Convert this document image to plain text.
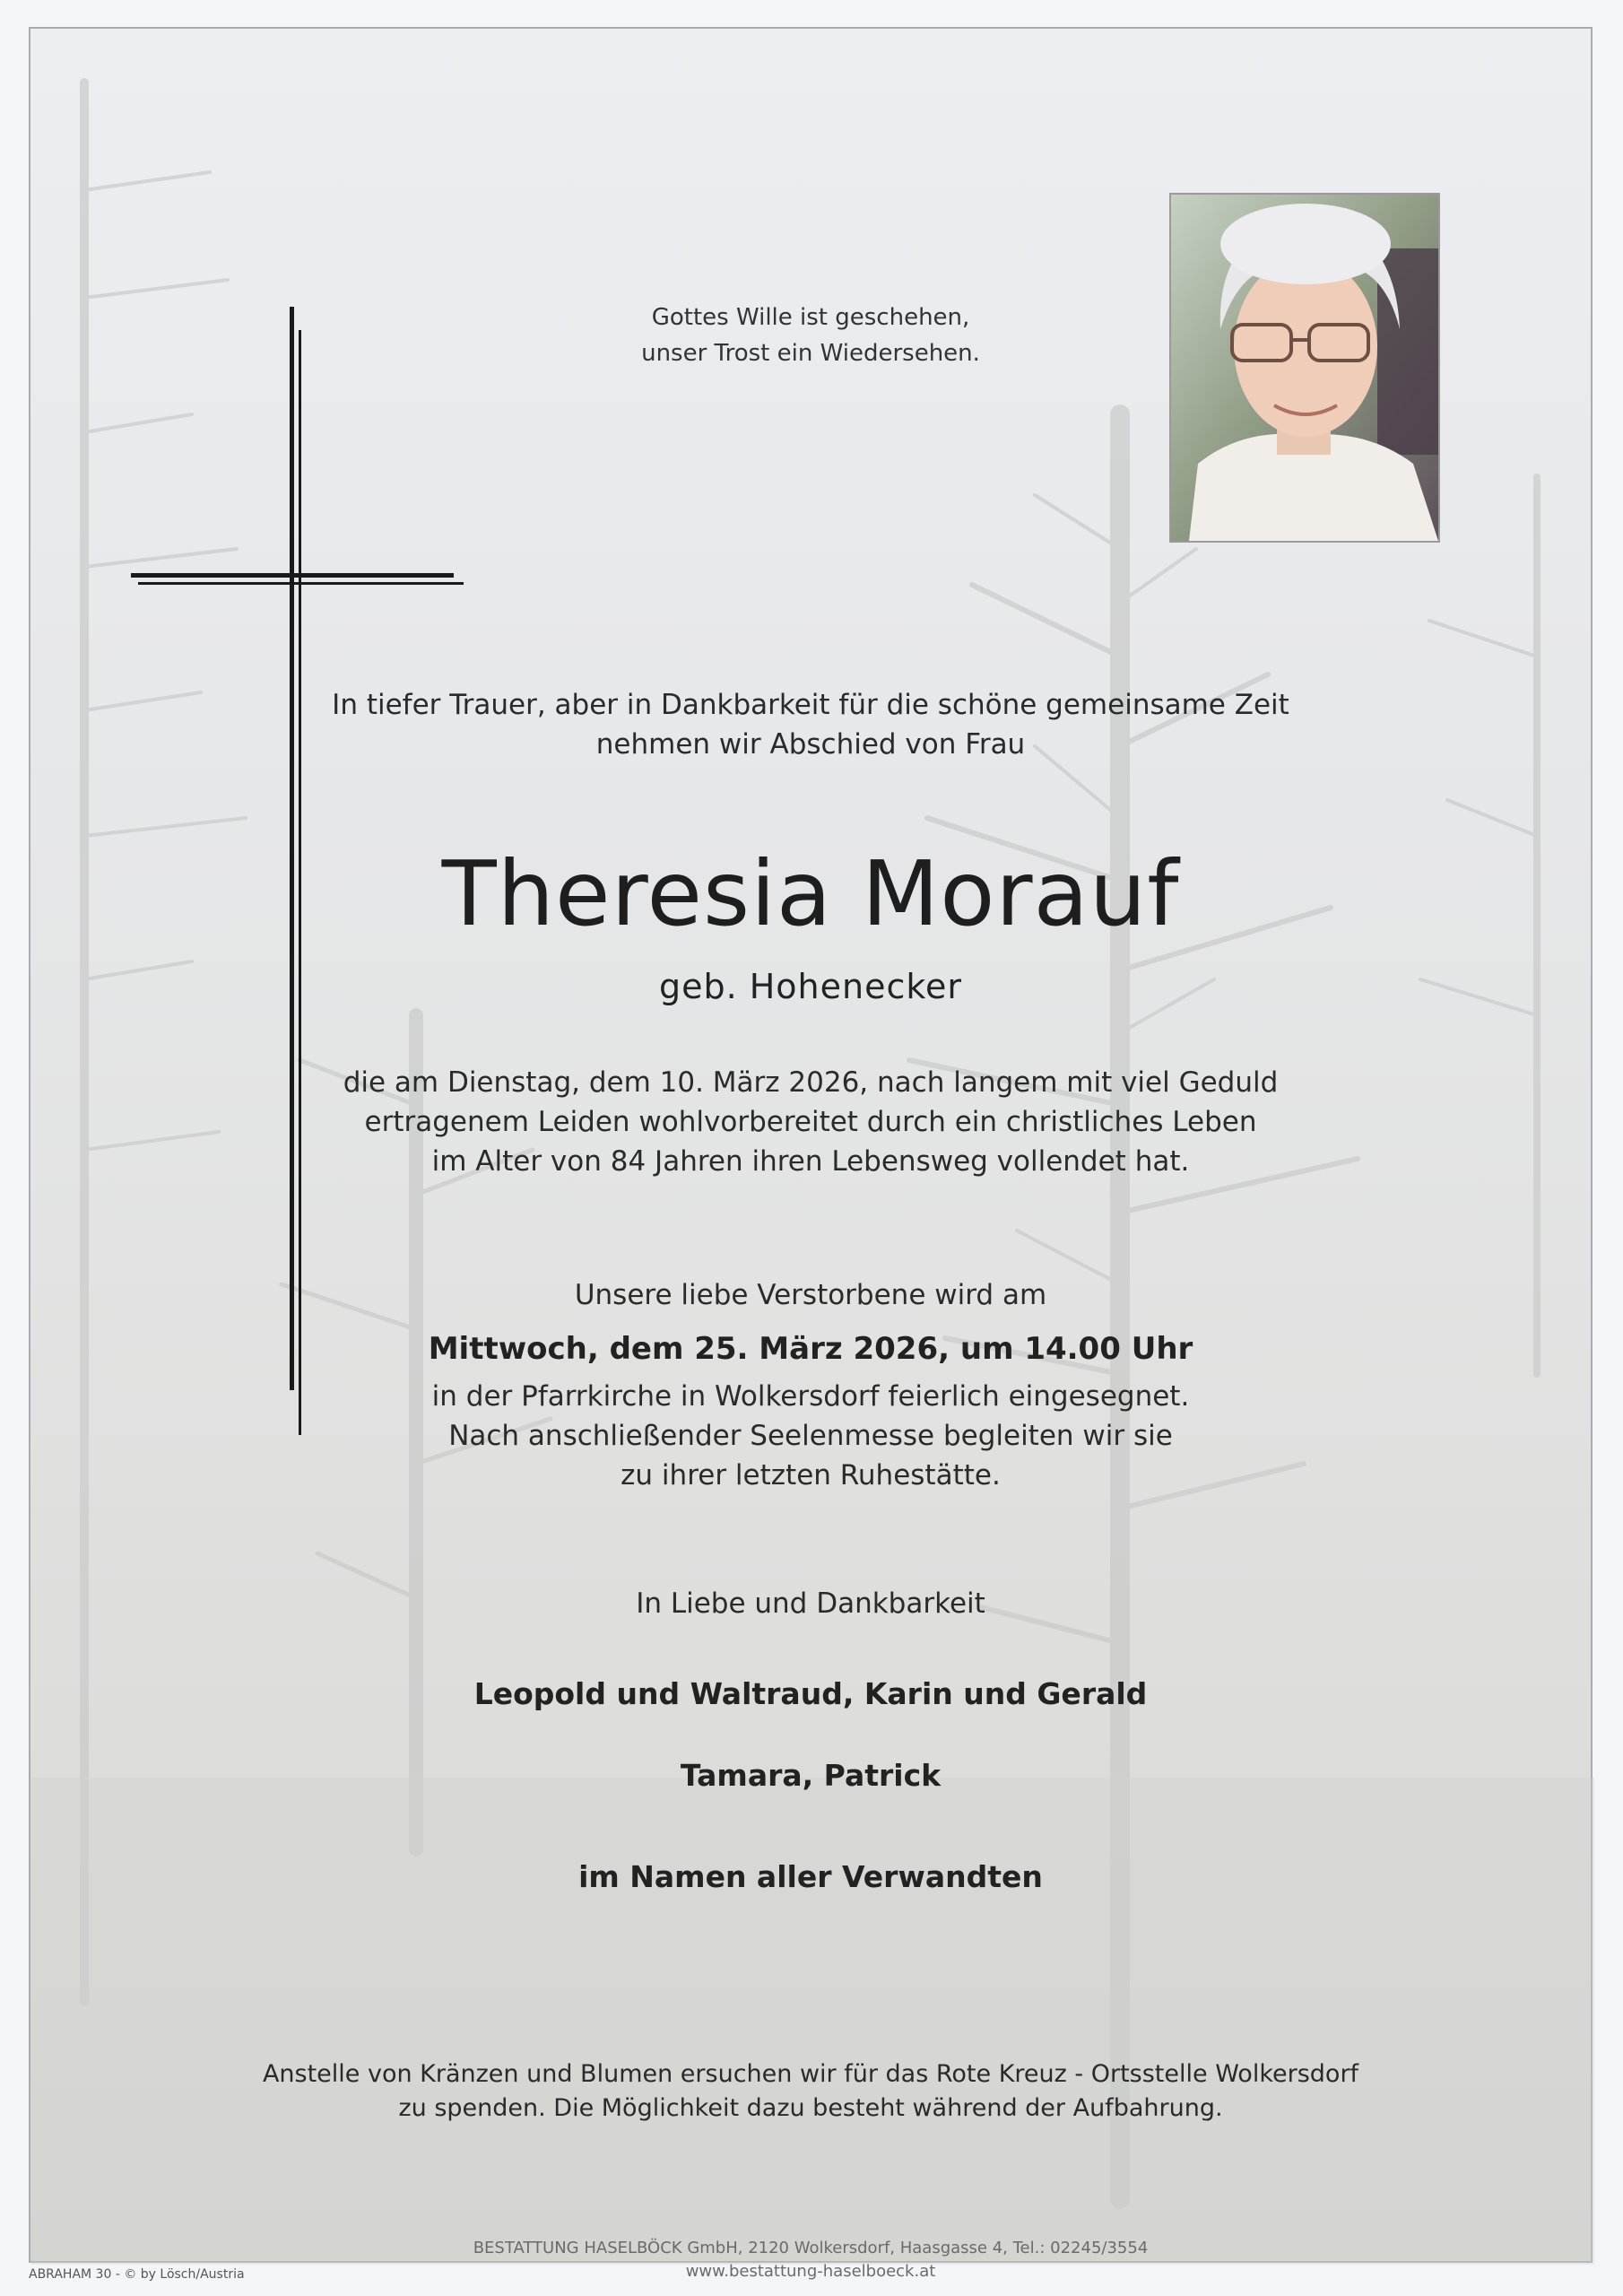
Gottes Wille ist geschehen,
unser Trost ein Wiedersehen.
In tiefer Trauer, aber in Dankbarkeit für die schöne gemeinsame Zeit
nehmen wir Abschied von Frau
Theresia Morauf
geb. Hohenecker
die am Dienstag, dem 10. März 2026, nach langem mit viel Geduld
ertragenem Leiden wohlvorbereitet durch ein christliches Leben
im Alter von 84 Jahren ihren Lebensweg vollendet hat.
Unsere liebe Verstorbene wird am
Mittwoch, dem 25. März 2026, um 14.00 Uhr
in der Pfarrkirche in Wolkersdorf feierlich eingesegnet.
Nach anschließender Seelenmesse begleiten wir sie
zu ihrer letzten Ruhestätte.
In Liebe und Dankbarkeit
Leopold und Waltraud, Karin und Gerald
Tamara, Patrick
im Namen aller Verwandten
Anstelle von Kränzen und Blumen ersuchen wir für das Rote Kreuz - Ortsstelle Wolkersdorf
zu spenden. Die Möglichkeit dazu besteht während der Aufbahrung.
BESTATTUNG HASELBÖCK GmbH, 2120 Wolkersdorf, Haasgasse 4, Tel.: 02245/3554
www.bestattung-haselboeck.at
ABRAHAM 30 - © by Lösch/Austria
